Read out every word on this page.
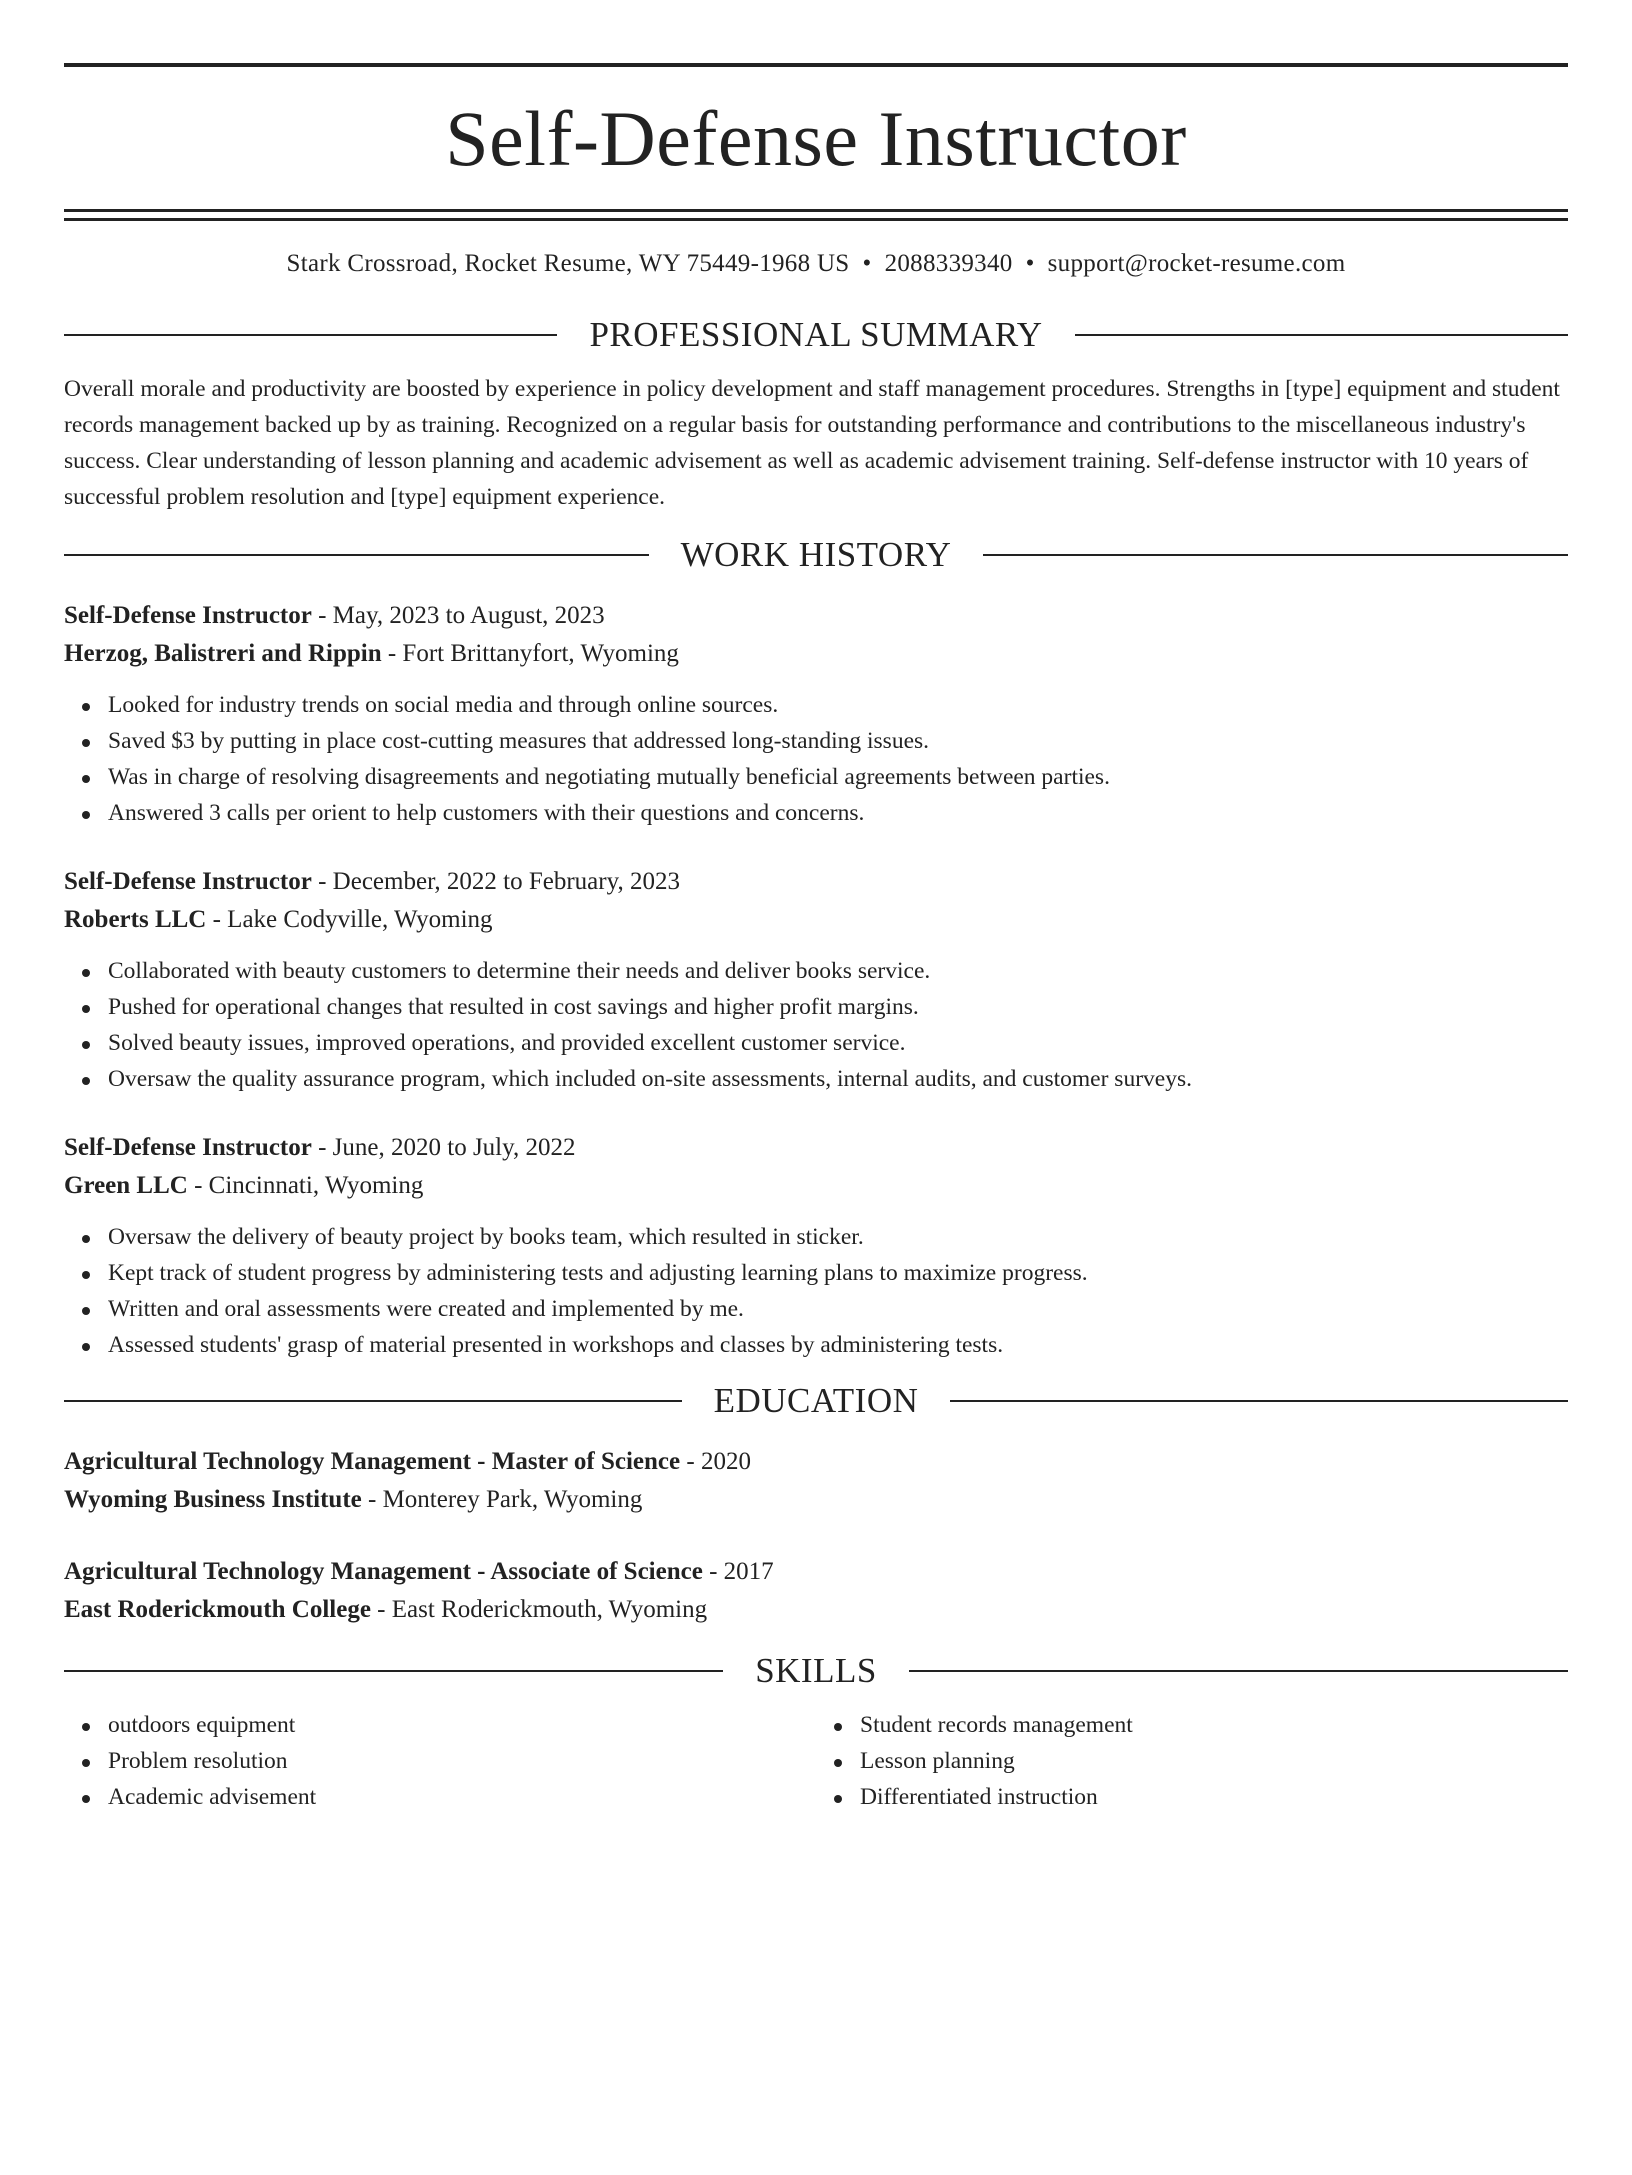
Self-Defense Instructor
Stark Crossroad, Rocket Resume, WY 75449-1968 US • 2088339340 • support@rocket-resume.com
PROFESSIONAL SUMMARY
Overall morale and productivity are boosted by experience in policy development and staff management procedures. Strengths in [type] equipment and student records management backed up by as training. Recognized on a regular basis for outstanding performance and contributions to the miscellaneous industry's success. Clear understanding of lesson planning and academic advisement as well as academic advisement training. Self-defense instructor with 10 years of successful problem resolution and [type] equipment experience.
WORK HISTORY
Self-Defense Instructor - May, 2023 to August, 2023
Herzog, Balistreri and Rippin - Fort Brittanyfort, Wyoming
Looked for industry trends on social media and through online sources.
Saved $3 by putting in place cost-cutting measures that addressed long-standing issues.
Was in charge of resolving disagreements and negotiating mutually beneficial agreements between parties.
Answered 3 calls per orient to help customers with their questions and concerns.
Self-Defense Instructor - December, 2022 to February, 2023
Roberts LLC - Lake Codyville, Wyoming
Collaborated with beauty customers to determine their needs and deliver books service.
Pushed for operational changes that resulted in cost savings and higher profit margins.
Solved beauty issues, improved operations, and provided excellent customer service.
Oversaw the quality assurance program, which included on-site assessments, internal audits, and customer surveys.
Self-Defense Instructor - June, 2020 to July, 2022
Green LLC - Cincinnati, Wyoming
Oversaw the delivery of beauty project by books team, which resulted in sticker.
Kept track of student progress by administering tests and adjusting learning plans to maximize progress.
Written and oral assessments were created and implemented by me.
Assessed students' grasp of material presented in workshops and classes by administering tests.
EDUCATION
Agricultural Technology Management - Master of Science - 2020
Wyoming Business Institute - Monterey Park, Wyoming
Agricultural Technology Management - Associate of Science - 2017
East Roderickmouth College - East Roderickmouth, Wyoming
SKILLS
outdoors equipment
Problem resolution
Academic advisement
Student records management
Lesson planning
Differentiated instruction
